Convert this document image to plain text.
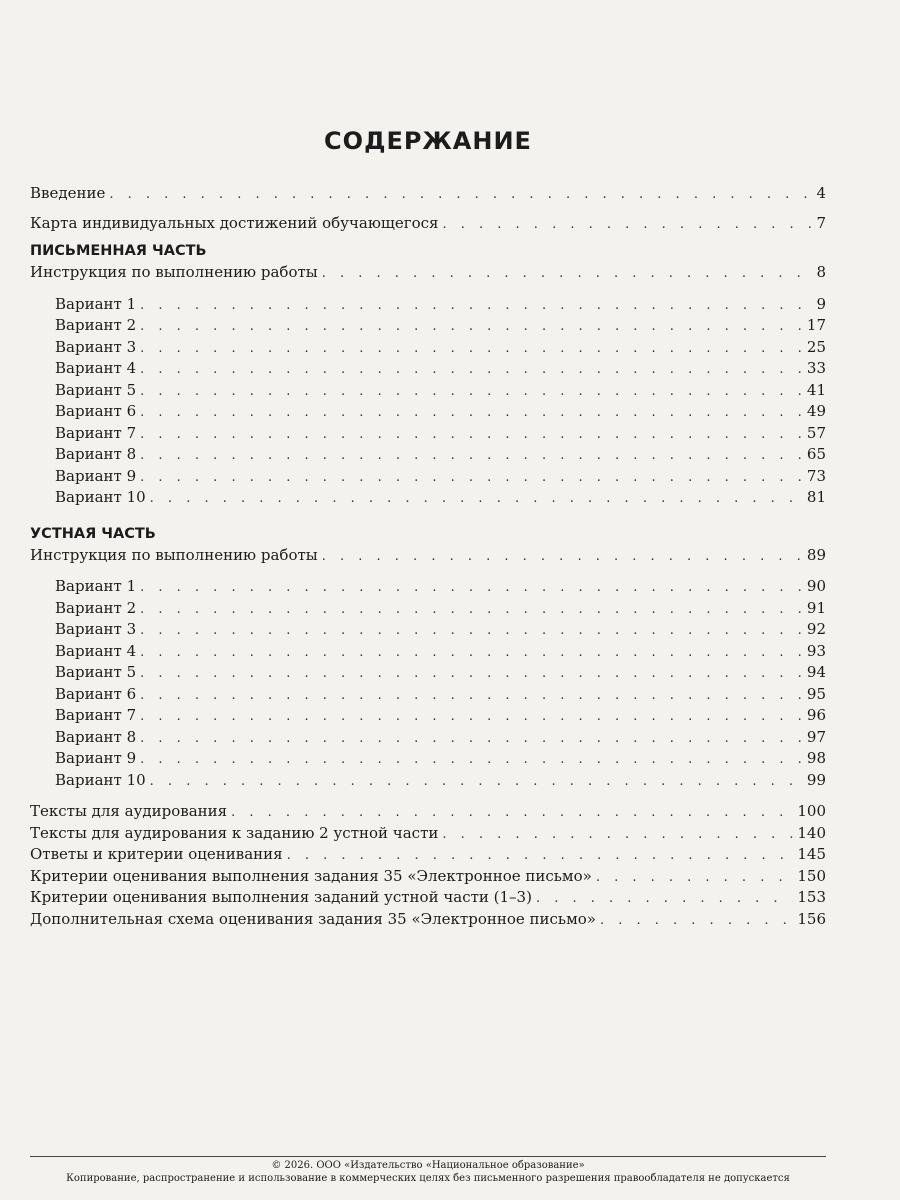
СОДЕРЖАНИЕ
Введение . . .	4
Карта индивидуальных достижений обучающегося . . .	7
ПИСЬМЕННАЯ ЧАСТЬ
Инструкция по выполнению работы . . .	8
Вариант 1 . . .	9
Вариант 2 . . .	17
Вариант 3 . . .	25
Вариант 4 . . .	33
Вариант 5 . . .	41
Вариант 6 . . .	49
Вариант 7 . . .	57
Вариант 8 . . .	65
Вариант 9 . . .	73
Вариант 10 . . .	81
УСТНАЯ ЧАСТЬ
Инструкция по выполнению работы . . .	89
Вариант 1 . . .	90
Вариант 2 . . .	91
Вариант 3 . . .	92
Вариант 4 . . .	93
Вариант 5 . . .	94
Вариант 6 . . .	95
Вариант 7 . . .	96
Вариант 8 . . .	97
Вариант 9 . . .	98
Вариант 10 . . .	99
Тексты для аудирования . . .	100
Тексты для аудирования к заданию 2 устной части . . .	140
Ответы и критерии оценивания . . .	145
Критерии оценивания выполнения задания 35 «Электронное письмо» . . .	150
Критерии оценивания выполнения заданий устной части (1–3) . . .	153
Дополнительная схема оценивания задания 35 «Электронное письмо» . . .	156
© 2026. ООО «Издательство «Национальное образование»
Копирование, распространение и использование в коммерческих целях без письменного разрешения правообладателя не допускается
